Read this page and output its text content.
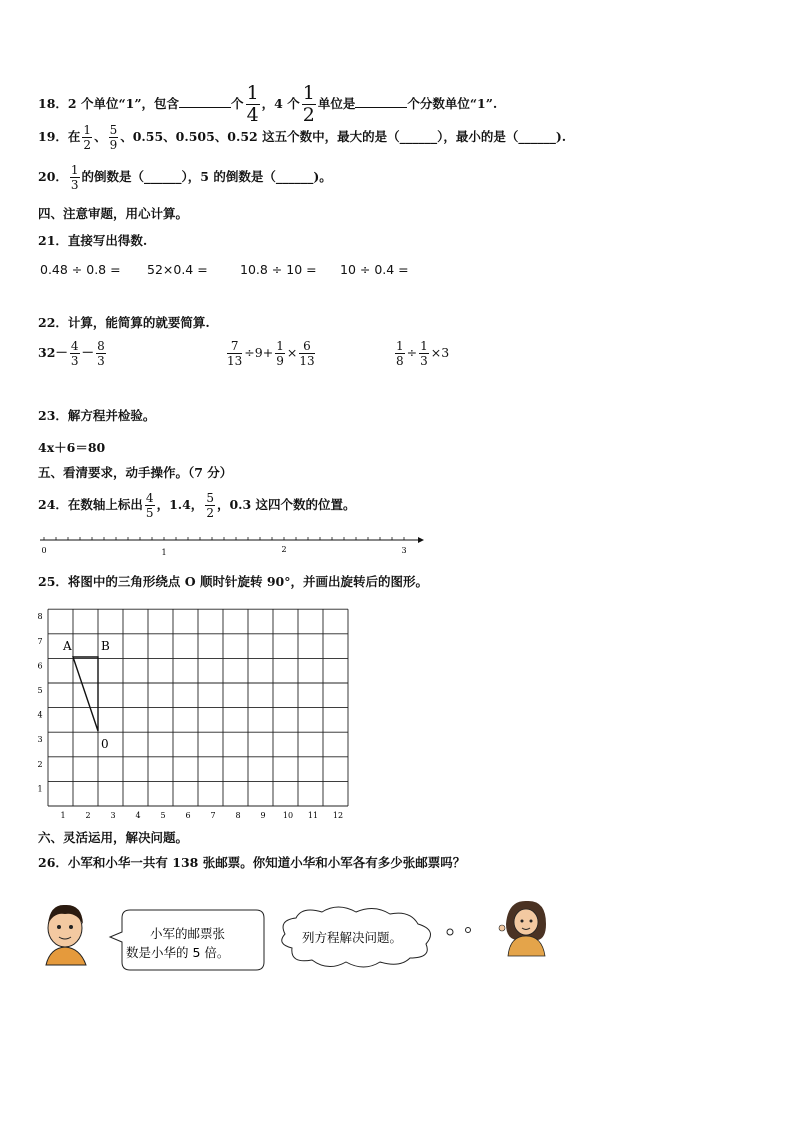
18．2 个单位“1”，包含	个 $\frac{1}{4}$ ，4 个 $\frac{1}{2}$ 单位是	个分数单位“1”.
19．在 $\frac{1}{2}$ 、 $\frac{5}{9}$ 、0.55、0.505、0.52 这五个数中，最大的是（______），最小的是（______).
20． $\frac{1}{3}$ 的倒数是（______），5 的倒数是（______)。
四、注意审题，用心计算。
21．直接写出得数.
0.48 ÷ 0.8 = 52×0.4 =	10.8 ÷ 10 = 10 ÷ 0.4 =
22．计算，能简算的就要简算.
$32- \frac{4}{3} - \frac{8}{3}$	$\frac{7}{13} \div 9+ \frac{1}{9} \times \frac{6}{13}$	$\frac{1}{8} \div \frac{1}{3} \times 3$
23．解方程并检验。
4x＋6＝80
五、看清要求，动手操作。（7 分）
24．在数轴上标出 $\frac{4}{5}$ ，1.4， $\frac{5}{2}$ ，0.3 这四个数的位置。
0	1	2	3
25．将图中的三角形绕点 O 顺时针旋转 90°，并画出旋转后的图形。
A B
0
1
2
3
4
5
6
7
8
1 2 3 4 5 6 7 8 9 10 11 12
六、灵活运用，解决问题。
26．小军和小华一共有 138 张邮票。你知道小华和小军各有多少张邮票吗？
小军的邮票张
数是小华的 5 倍。
列方程解决问题。
